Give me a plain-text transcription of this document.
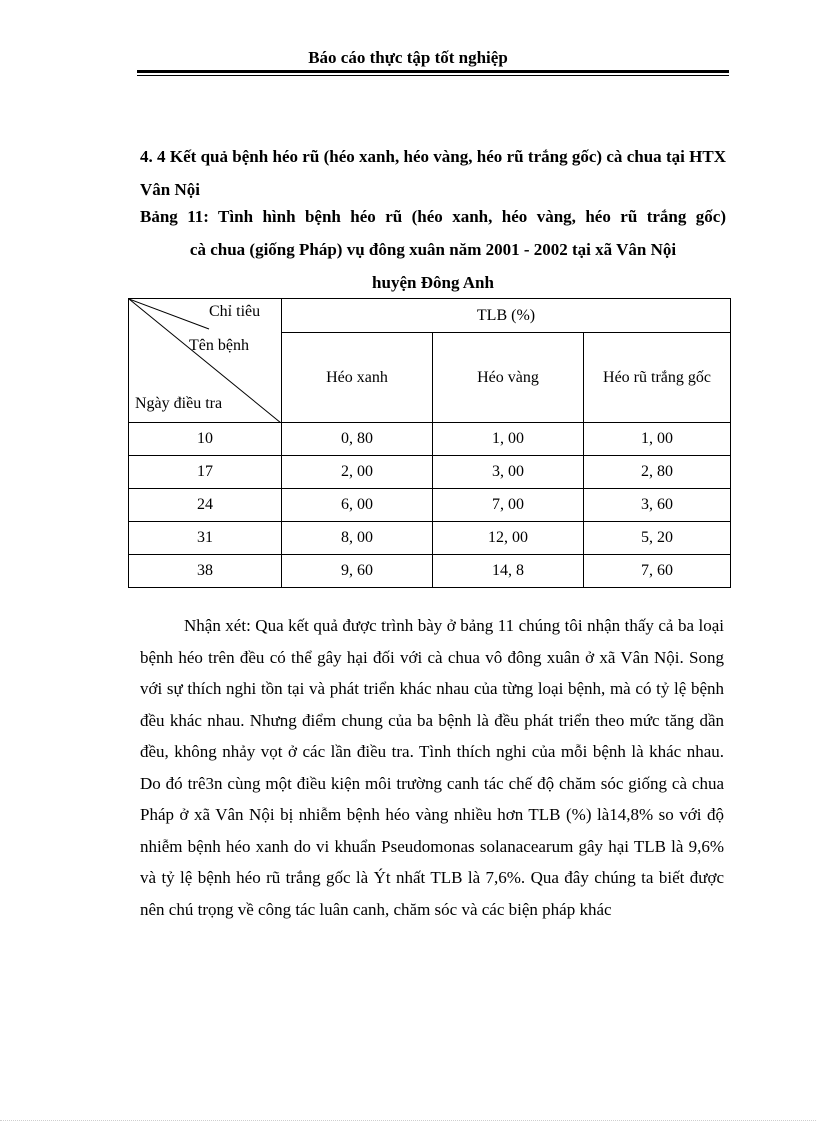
Báo cáo thực tập tốt nghiệp
4. 4 Kết quả bệnh héo rũ (héo xanh, héo vàng, héo rũ trắng gốc) cà chua tại HTX Vân Nội
Bảng 11: Tình hình bệnh héo rũ (héo xanh, héo vàng, héo rũ trắng gốc)
cà chua (giống Pháp) vụ đông xuân năm 2001 - 2002 tại xã Vân Nội
huyện Đông Anh
Chỉ tiêu
Tên bệnh
Ngày điều tra	TLB (%)		
	Héo xanh	Héo vàng	Héo rũ trắng gốc
10	0, 80	1, 00	1, 00
17	2, 00	3, 00	2, 80
24	6, 00	7, 00	3, 60
31	8, 00	12, 00	5, 20
38	9, 60	14, 8	7, 60
Nhận xét: Qua kết quả được trình bày ở bảng 11 chúng tôi nhận thấy cả ba loại bệnh héo trên đều có thể gây hại đối với cà chua vô đông xuân ở xã Vân Nội. Song với sự thích nghi tồn tại và phát triển khác nhau của từng loại bệnh, mà có tỷ lệ bệnh đều khác nhau. Nhưng điểm chung của ba bệnh là đều phát triển theo mức tăng dần đều, không nhảy vọt ở các lần điều tra. Tình thích nghi của mỗi bệnh là khác nhau. Do đó trê3n cùng một điều kiện môi trường canh tác chế độ chăm sóc giống cà chua Pháp ở xã Vân Nội bị nhiễm bệnh héo vàng nhiều hơn TLB (%) là14,8% so với độ nhiễm bệnh héo xanh do vi khuẩn Pseudomonas solanacearum gây hại TLB là 9,6% và tỷ lệ bệnh héo rũ trắng gốc là Ýt nhất TLB là 7,6%. Qua đây chúng ta biết được nên chú trọng về công tác luân canh, chăm sóc và các biện pháp khác
